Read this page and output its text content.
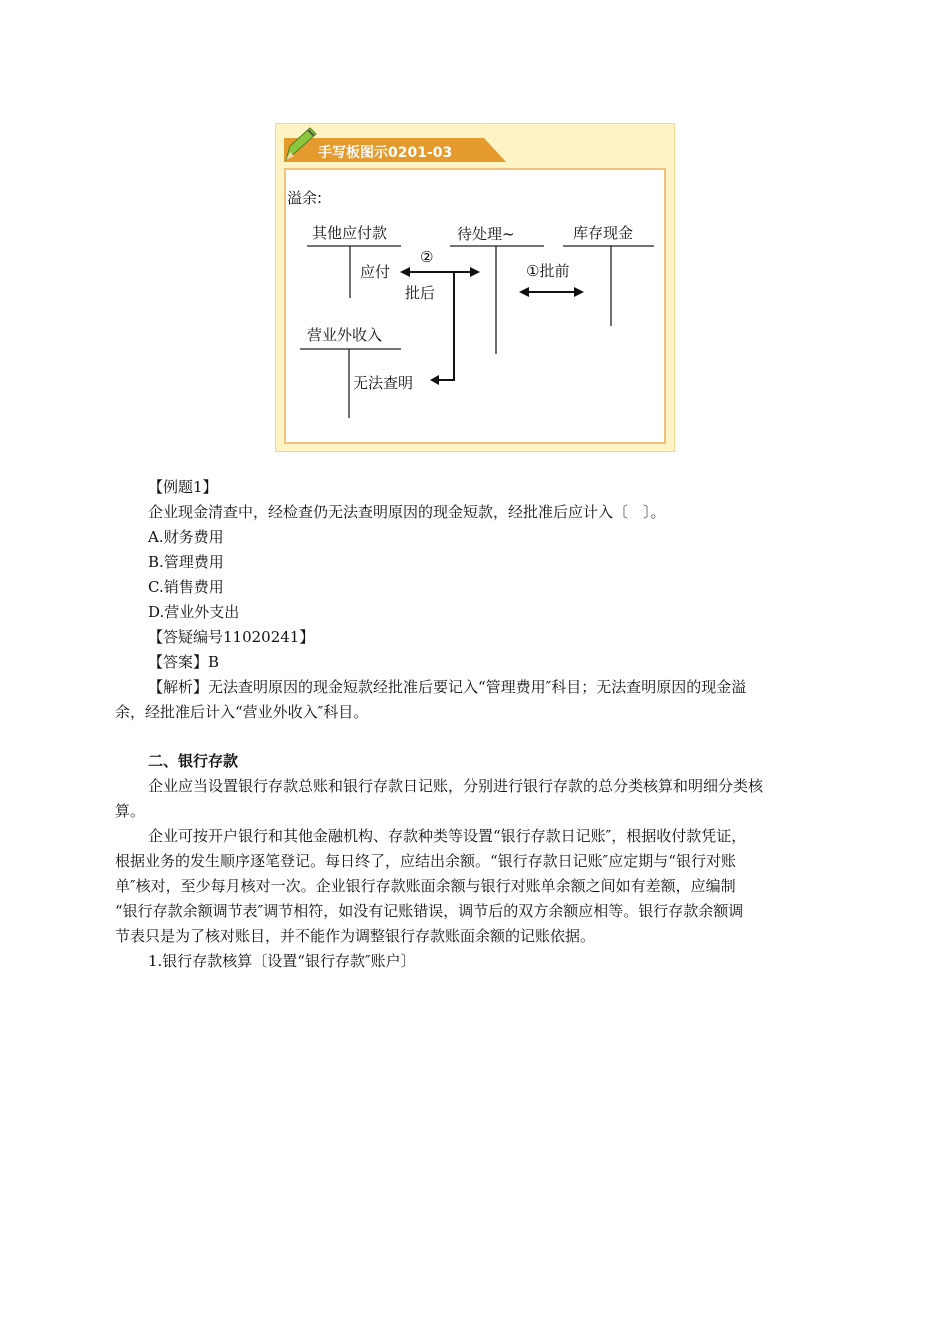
手写板图示0201-03
溢余:
其他应付款	待处理~	库存现金
营业外收入
②
应付
批后
①批前
无法查明

【例题1】

企业现金清查中，经检查仍无法查明原因的现金短款，经批准后应计入〔　〕。

A.财务费用

B.管理费用

C.销售费用

D.营业外支出

【答疑编号11020241】

【答案】B

【解析】无法查明原因的现金短款经批准后要记入“管理费用″科目；无法查明原因的现金溢

余，经批准后计入“营业外收入″科目。

二、银行存款

企业应当设置银行存款总账和银行存款日记账，分别进行银行存款的总分类核算和明细分类核

算。

企业可按开户银行和其他金融机构、存款种类等设置“银行存款日记账″，根据收付款凭证，

根据业务的发生顺序逐笔登记。每日终了，应结出余额。“银行存款日记账″应定期与“银行对账

单″核对，至少每月核对一次。企业银行存款账面余额与银行对账单余额之间如有差额，应编制

“银行存款余额调节表″调节相符，如没有记账错误，调节后的双方余额应相等。银行存款余额调

节表只是为了核对账目，并不能作为调整银行存款账面余额的记账依据。

1.银行存款核算〔设置“银行存款″账户〕
